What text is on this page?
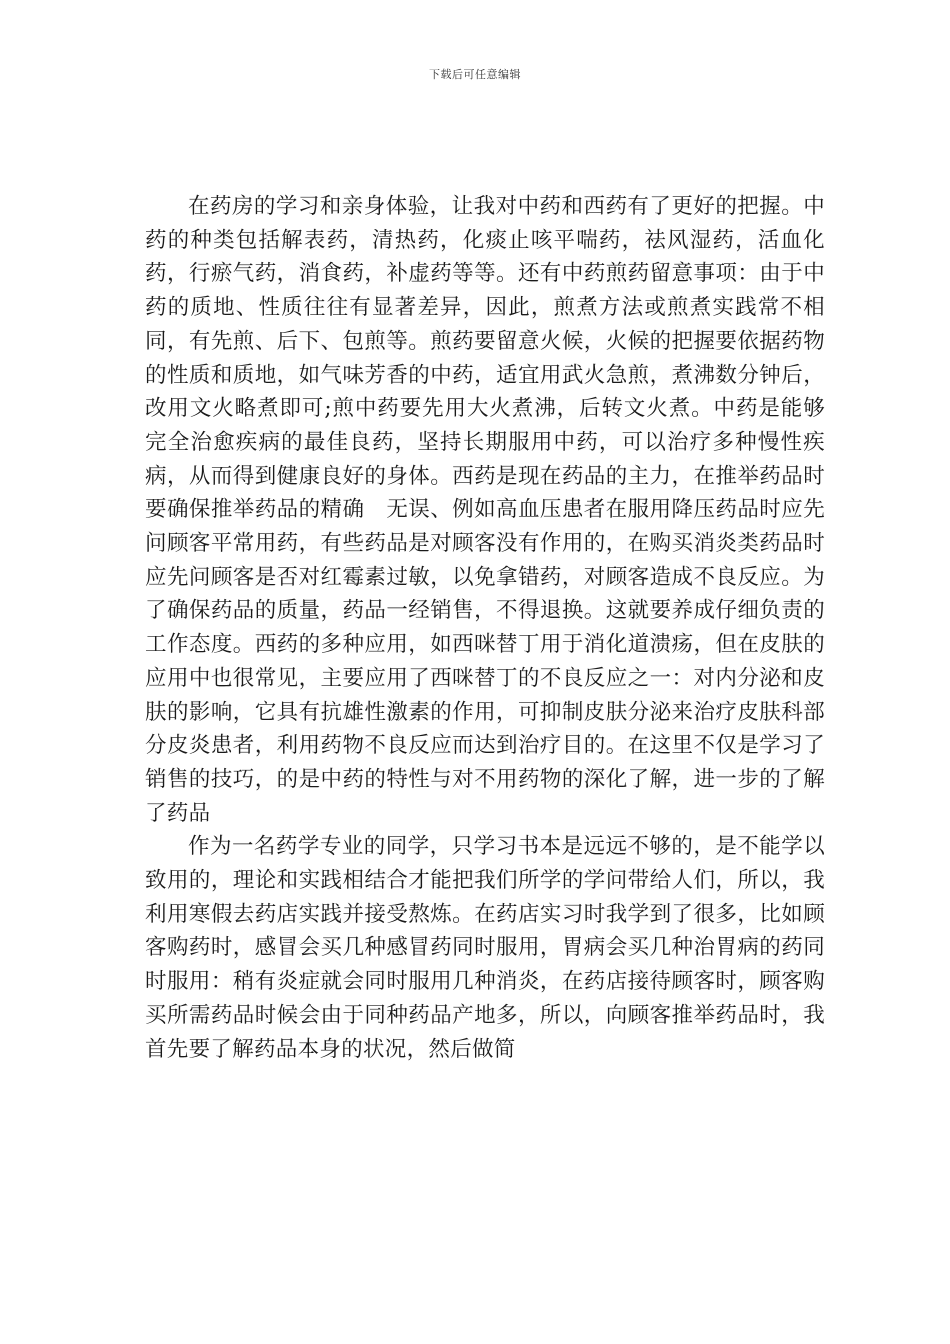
下载后可任意编辑

在药房的学习和亲身体验，让我对中药和西药有了更好的把握。中药的种类包括解表药，清热药，化痰止咳平喘药，祛风湿药，活血化药，行瘀气药，消食药，补虚药等等。还有中药煎药留意事项：由于中药的质地、性质往往有显著差异，因此，煎煮方法或煎煮实践常不相同，有先煎、后下、包煎等。煎药要留意火候，火候的把握要依据药物的性质和质地，如气味芳香的中药，适宜用武火急煎，煮沸数分钟后，改用文火略煮即可;煎中药要先用大火煮沸，后转文火煮。中药是能够完全治愈疾病的最佳良药，坚持长期服用中药，可以治疗多种慢性疾病，从而得到健康良好的身体。西药是现在药品的主力，在推举药品时要确保推举药品的精确　无误、例如高血压患者在服用降压药品时应先问顾客平常用药，有些药品是对顾客没有作用的，在购买消炎类药品时应先问顾客是否对红霉素过敏，以免拿错药，对顾客造成不良反应。为了确保药品的质量，药品一经销售，不得退换。这就要养成仔细负责的工作态度。西药的多种应用，如西咪替丁用于消化道溃疡，但在皮肤的应用中也很常见，主要应用了西咪替丁的不良反应之一：对内分泌和皮肤的影响，它具有抗雄性激素的作用，可抑制皮肤分泌来治疗皮肤科部分皮炎患者，利用药物不良反应而达到治疗目的。在这里不仅是学习了销售的技巧，的是中药的特性与对不用药物的深化了解，进一步的了解了药品

作为一名药学专业的同学，只学习书本是远远不够的，是不能学以致用的，理论和实践相结合才能把我们所学的学问带给人们，所以，我利用寒假去药店实践并接受熬炼。在药店实习时我学到了很多，比如顾客购药时，感冒会买几种感冒药同时服用，胃病会买几种治胃病的药同时服用：稍有炎症就会同时服用几种消炎，在药店接待顾客时，顾客购买所需药品时候会由于同种药品产地多，所以，向顾客推举药品时，我首先要了解药品本身的状况，然后做简
